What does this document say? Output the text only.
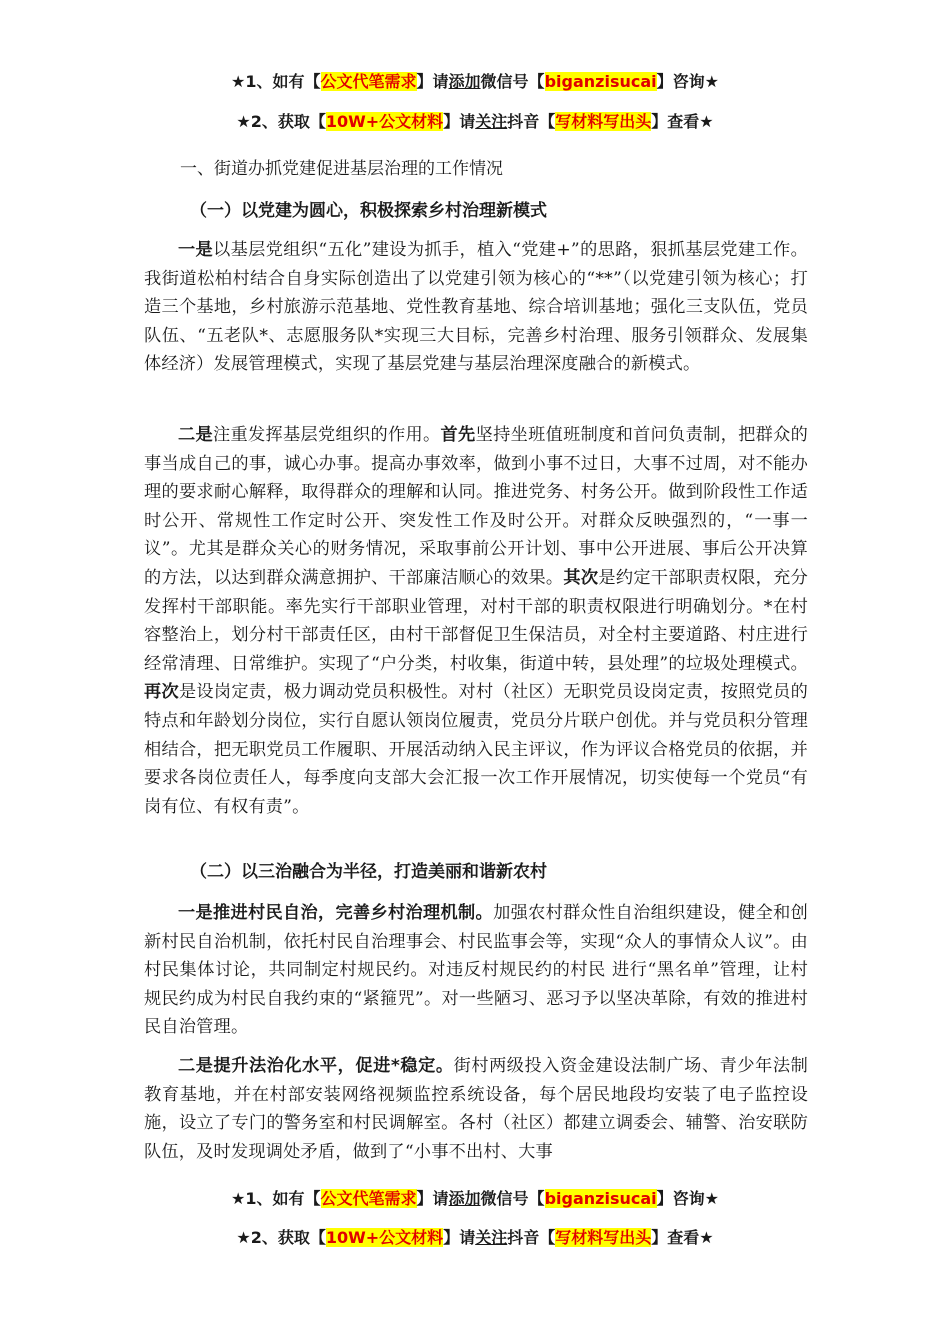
★1、如有【公文代笔需求】请添加微信号【biganzisucai】咨询★
★2、获取【10W+公文材料】请关注抖音【写材料写出头】查看★
一、街道办抓党建促进基层治理的工作情况
（一）以党建为圆心，积极探索乡村治理新模式
一是以基层党组织“五化”建设为抓手，植入“党建+”的思路，狠抓基层党建工作。我街道松柏村结合自身实际创造出了以党建引领为核心的“**”（以党建引领为核心；打造三个基地，乡村旅游示范基地、党性教育基地、综合培训基地；强化三支队伍，党员队伍、“五老队*、志愿服务队*实现三大目标，完善乡村治理、服务引领群众、发展集体经济）发展管理模式，实现了基层党建与基层治理深度融合的新模式。
二是注重发挥基层党组织的作用。首先坚持坐班值班制度和首问负责制，把群众的事当成自己的事，诚心办事。提高办事效率，做到小事不过日，大事不过周，对不能办理的要求耐心解释，取得群众的理解和认同。推进党务、村务公开。做到阶段性工作适时公开、常规性工作定时公开、突发性工作及时公开。对群众反映强烈的，“一事一议”。尤其是群众关心的财务情况，采取事前公开计划、事中公开进展、事后公开决算的方法，以达到群众满意拥护、干部廉洁顺心的效果。其次是约定干部职责权限，充分发挥村干部职能。率先实行干部职业管理，对村干部的职责权限进行明确划分。*在村容整治上，划分村干部责任区，由村干部督促卫生保洁员，对全村主要道路、村庄进行经常清理、日常维护。实现了“户分类，村收集，街道中转，县处理”的垃圾处理模式。再次是设岗定责，极力调动党员积极性。对村（社区）无职党员设岗定责，按照党员的特点和年龄划分岗位，实行自愿认领岗位履责，党员分片联户创优。并与党员积分管理相结合，把无职党员工作履职、开展活动纳入民主评议，作为评议合格党员的依据，并要求各岗位责任人，每季度向支部大会汇报一次工作开展情况，切实使每一个党员“有岗有位、有权有责”。
（二）以三治融合为半径，打造美丽和谐新农村
一是推进村民自治，完善乡村治理机制。加强农村群众性自治组织建设，健全和创新村民自治机制，依托村民自治理事会、村民监事会等，实现“众人的事情众人议”。由村民集体讨论，共同制定村规民约。对违反村规民约的村民 进行“黑名单”管理，让村规民约成为村民自我约束的“紧箍咒”。对一些陋习、恶习予以坚决革除，有效的推进村民自治管理。
二是提升法治化水平，促进*稳定。街村两级投入资金建设法制广场、青少年法制教育基地，并在村部安装网络视频监控系统设备，每个居民地段均安装了电子监控设施，设立了专门的警务室和村民调解室。各村（社区）都建立调委会、辅警、治安联防队伍，及时发现调处矛盾，做到了“小事不出村、大事
★1、如有【公文代笔需求】请添加微信号【biganzisucai】咨询★
★2、获取【10W+公文材料】请关注抖音【写材料写出头】查看★
